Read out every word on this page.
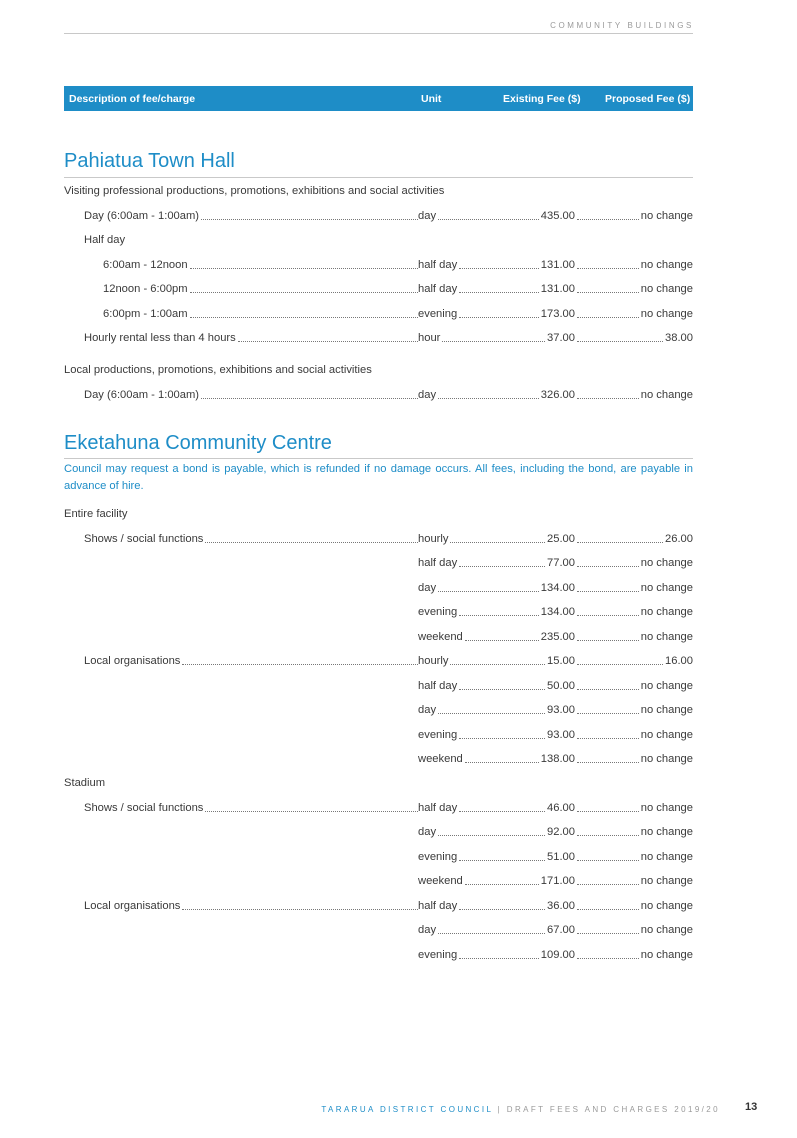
COMMUNITY BUILDINGS
Description of fee/charge	Unit	Existing Fee ($) Proposed Fee ($)
Pahiatua Town Hall
Visiting professional productions, promotions, exhibitions and social activities
Day (6:00am - 1:00am)	day	435.00	no change
Half day
6:00am - 12noon	half day	131.00	no change
12noon - 6:00pm	half day	131.00	no change
6:00pm - 1:00am	evening	173.00	no change
Hourly rental less than 4 hours	hour	37.00	38.00
Local productions, promotions, exhibitions and social activities
Day (6:00am - 1:00am)	day	326.00	no change
Eketahuna Community Centre
Council may request a bond is payable, which is refunded if no damage occurs. All fees, including the bond, are payable in advance of hire.
Entire facility
Shows / social functions	hourly	25.00	26.00
half day	77.00	no change
day	134.00	no change
evening	134.00	no change
weekend	235.00	no change
Local organisations	hourly	15.00	16.00
half day	50.00	no change
day	93.00	no change
evening	93.00	no change
weekend	138.00	no change
Stadium
Shows / social functions	half day	46.00	no change
day	92.00	no change
evening	51.00	no change
weekend	171.00	no change
Local organisations	half day	36.00	no change
day	67.00	no change
evening	109.00	no change
TARARUA DISTRICT COUNCIL | DRAFT FEES AND CHARGES 2019/20 13
